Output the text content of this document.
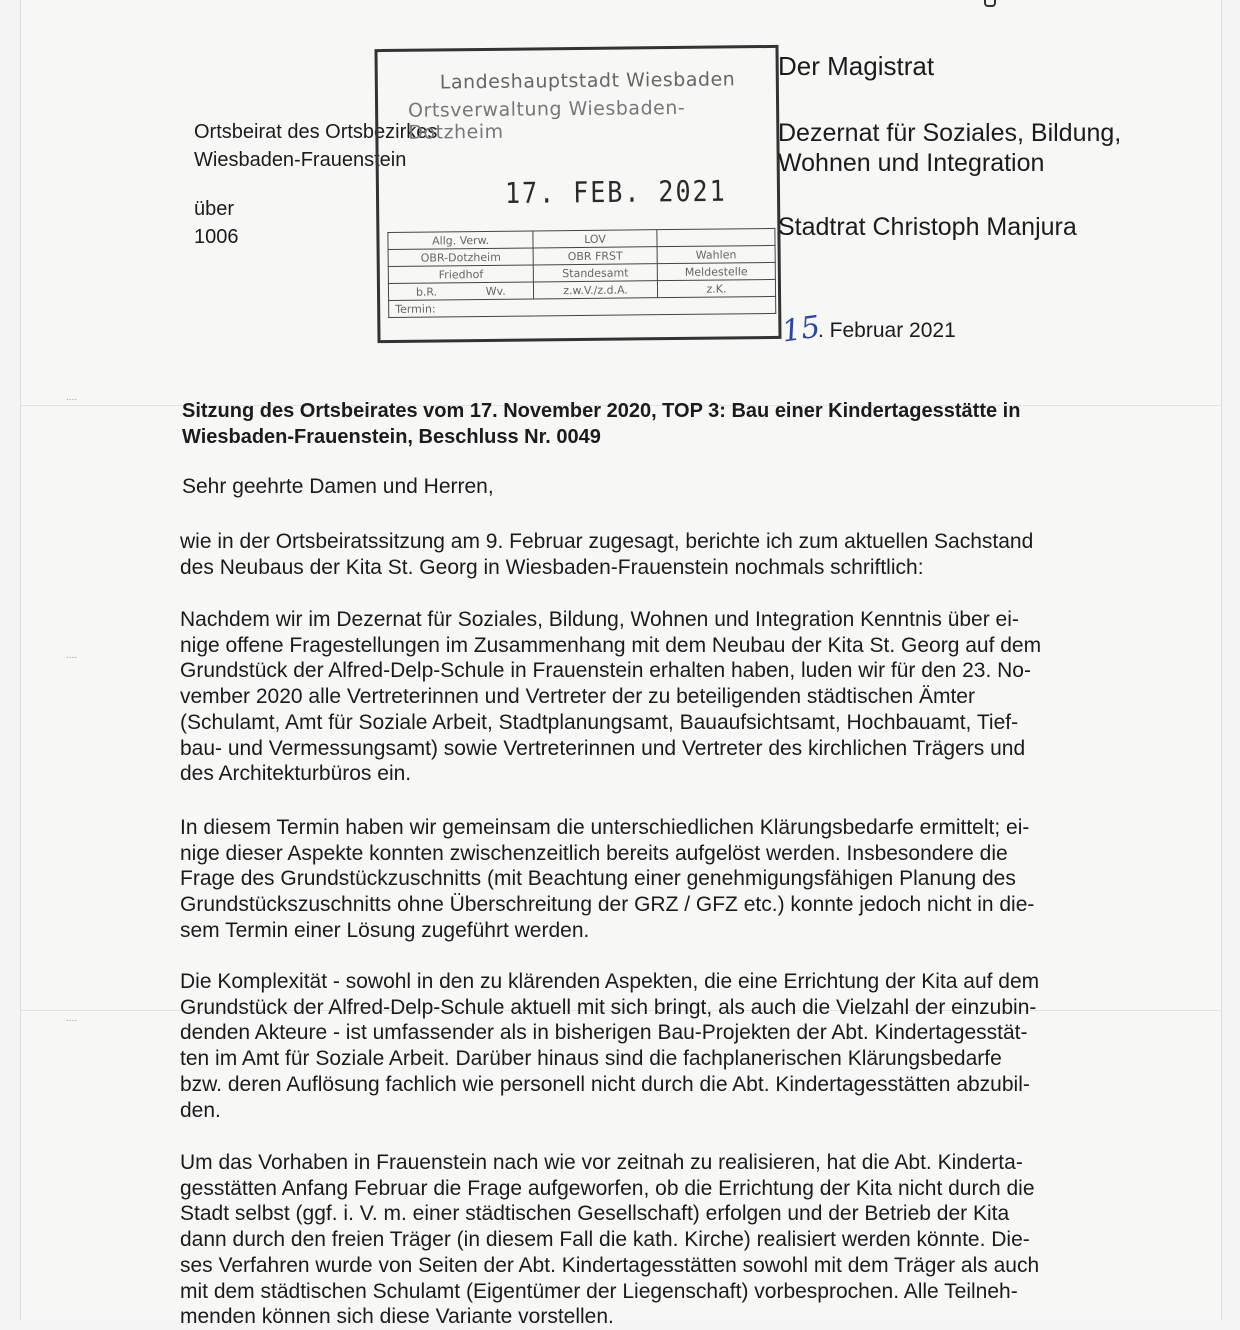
....
....
....
Ortsbeirat des Ortsbezirkes
Wiesbaden-Frauenstein
über
1006
Landeshauptstadt Wiesbaden
Ortsverwaltung Wiesbaden-Dotzheim
17. FEB. 2021
Allg. Verw.	LOV	
OBR-Dotzheim	OBR FRST	Wahlen
Friedhof	Standesamt	Meldestelle
b.R. Wv.	z.w.V./z.d.A.	z.K.
Termin:		
Der Magistrat
Dezernat für Soziales, Bildung,
Wohnen und Integration
Stadtrat Christoph Manjura
15
. Februar 2021
Sitzung des Ortsbeirates vom 17. November 2020, TOP 3: Bau einer Kindertagesstätte in
Wiesbaden-Frauenstein, Beschluss Nr. 0049
Sehr geehrte Damen und Herren,
wie in der Ortsbeiratssitzung am 9. Februar zugesagt, berichte ich zum aktuellen Sachstand
des Neubaus der Kita St. Georg in Wiesbaden-Frauenstein nochmals schriftlich:
Nachdem wir im Dezernat für Soziales, Bildung, Wohnen und Integration Kenntnis über ei-
nige offene Fragestellungen im Zusammenhang mit dem Neubau der Kita St. Georg auf dem
Grundstück der Alfred-Delp-Schule in Frauenstein erhalten haben, luden wir für den 23. No-
vember 2020 alle Vertreterinnen und Vertreter der zu beteiligenden städtischen Ämter
(Schulamt, Amt für Soziale Arbeit, Stadtplanungsamt, Bauaufsichtsamt, Hochbauamt, Tief-
bau- und Vermessungsamt) sowie Vertreterinnen und Vertreter des kirchlichen Trägers und
des Architekturbüros ein.
In diesem Termin haben wir gemeinsam die unterschiedlichen Klärungsbedarfe ermittelt; ei-
nige dieser Aspekte konnten zwischenzeitlich bereits aufgelöst werden. Insbesondere die
Frage des Grundstückzuschnitts (mit Beachtung einer genehmigungsfähigen Planung des
Grundstückszuschnitts ohne Überschreitung der GRZ / GFZ etc.) konnte jedoch nicht in die-
sem Termin einer Lösung zugeführt werden.
Die Komplexität - sowohl in den zu klärenden Aspekten, die eine Errichtung der Kita auf dem
Grundstück der Alfred-Delp-Schule aktuell mit sich bringt, als auch die Vielzahl der einzubin-
denden Akteure - ist umfassender als in bisherigen Bau-Projekten der Abt. Kindertagesstät-
ten im Amt für Soziale Arbeit. Darüber hinaus sind die fachplanerischen Klärungsbedarfe
bzw. deren Auflösung fachlich wie personell nicht durch die Abt. Kindertagesstätten abzubil-
den.
Um das Vorhaben in Frauenstein nach wie vor zeitnah zu realisieren, hat die Abt. Kinderta-
gesstätten Anfang Februar die Frage aufgeworfen, ob die Errichtung der Kita nicht durch die
Stadt selbst (ggf. i. V. m. einer städtischen Gesellschaft) erfolgen und der Betrieb der Kita
dann durch den freien Träger (in diesem Fall die kath. Kirche) realisiert werden könnte. Die-
ses Verfahren wurde von Seiten der Abt. Kindertagesstätten sowohl mit dem Träger als auch
mit dem städtischen Schulamt (Eigentümer der Liegenschaft) vorbesprochen. Alle Teilneh-
menden können sich diese Variante vorstellen.
